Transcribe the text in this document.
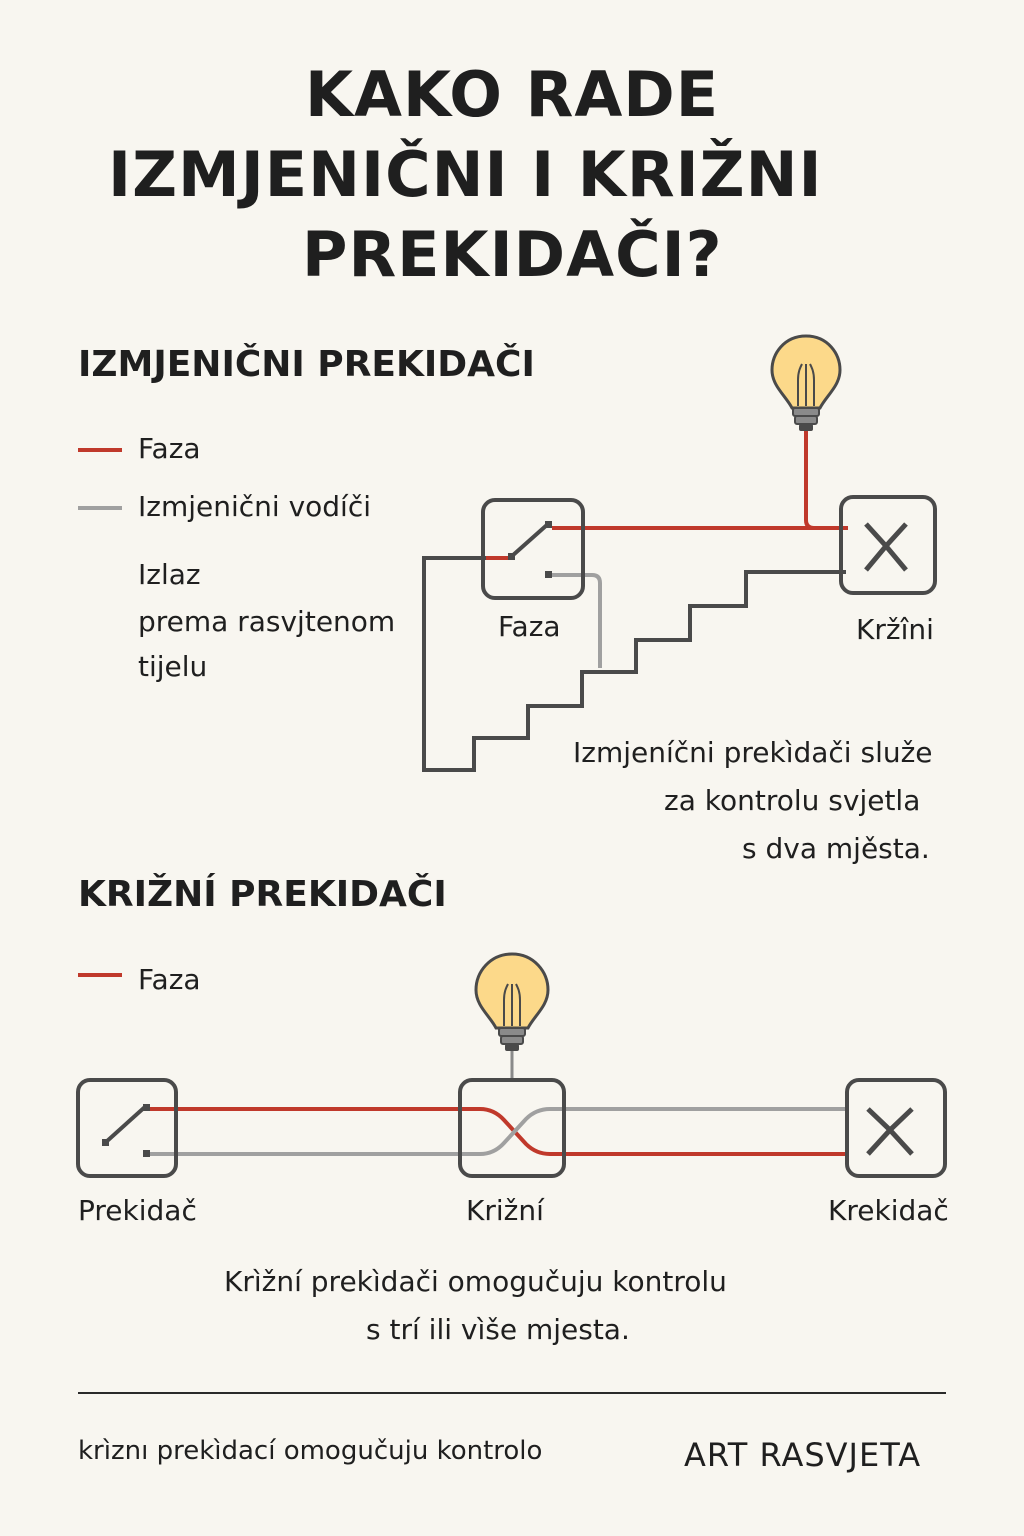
KAKO RADE
IZMJENIČNI I KRIŽNI
PREKIDAČI?
IZMJENIČNI PREKIDAČI
Faza
Izmjenični vodíči
Izlaz
prema rasvjtenom
tĳelu
Faza	Kržîni
Izmjeníčni prekìdači služe
za kontrolu svjetla
s dva mjěsta.
KRIŽNÍ PREKIDAČI
Faza
Prekidač	Križní	Krekidač
Krìžní prekìdači omogučuju kontrolu
s trí ili vìše mjesta.
krìznı prekìdací omogučuju kontrolo	ART RASVJETA
